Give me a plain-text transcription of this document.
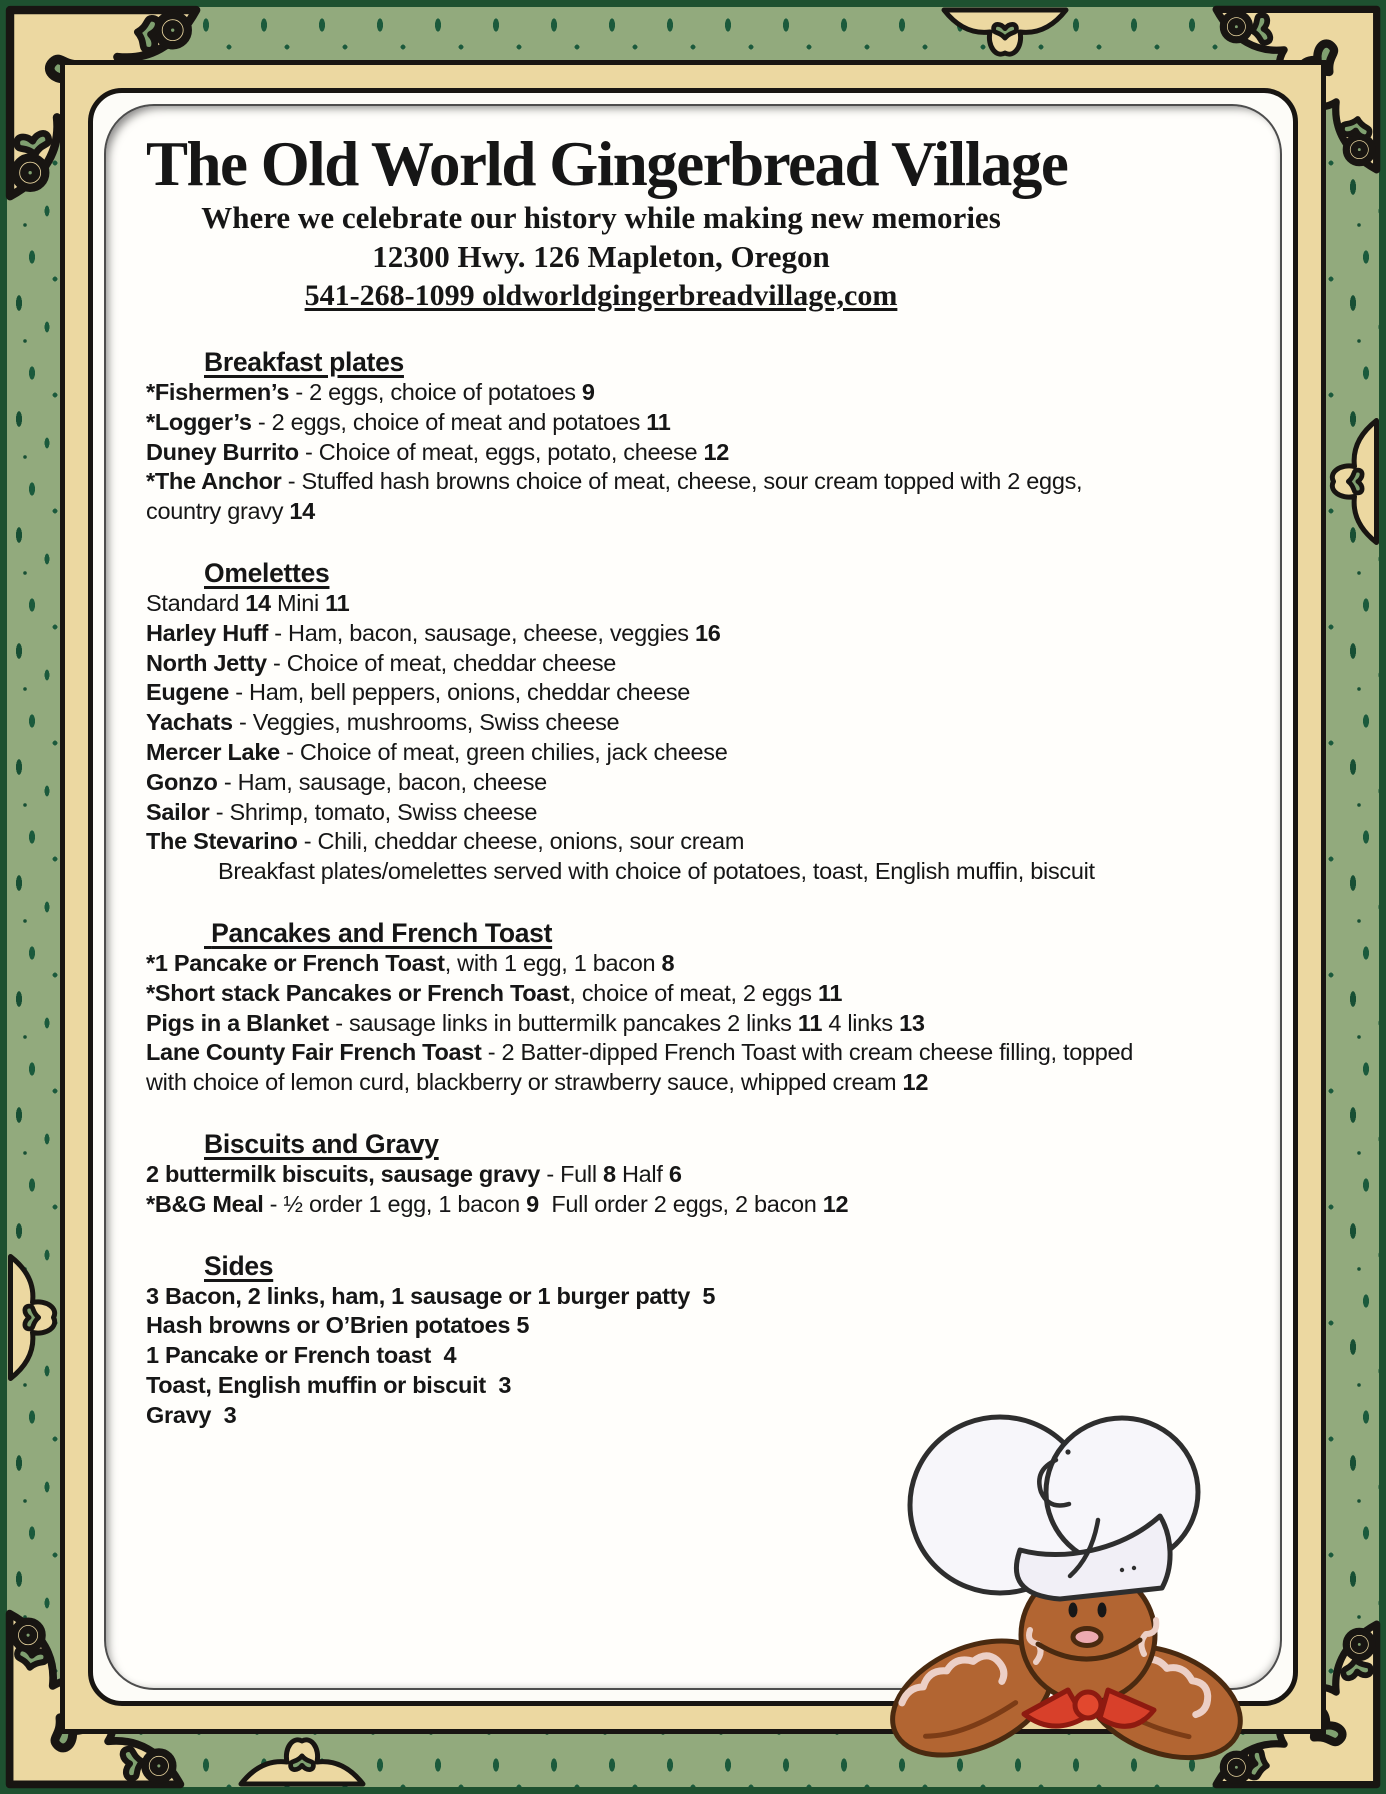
The Old World Gingerbread Village
Where we celebrate our history while making new memories
12300 Hwy. 126 Mapleton, Oregon
541-268-1099 oldworldgingerbreadvillage,com
Breakfast plates
*Fishermen’s - 2 eggs, choice of potatoes 9
*Logger’s - 2 eggs, choice of meat and potatoes 11
Duney Burrito - Choice of meat, eggs, potato, cheese 12
*The Anchor - Stuffed hash browns choice of meat, cheese, sour cream topped with 2 eggs,
country gravy 14
Omelettes
Standard 14 Mini 11
Harley Huff - Ham, bacon, sausage, cheese, veggies 16
North Jetty - Choice of meat, cheddar cheese
Eugene - Ham, bell peppers, onions, cheddar cheese
Yachats - Veggies, mushrooms, Swiss cheese
Mercer Lake - Choice of meat, green chilies, jack cheese
Gonzo - Ham, sausage, bacon, cheese
Sailor - Shrimp, tomato, Swiss cheese
The Stevarino - Chili, cheddar cheese, onions, sour cream
Breakfast plates/omelettes served with choice of potatoes, toast, English muffin, biscuit
Pancakes and French Toast
*1 Pancake or French Toast, with 1 egg, 1 bacon 8
*Short stack Pancakes or French Toast, choice of meat, 2 eggs 11
Pigs in a Blanket - sausage links in buttermilk pancakes 2 links 11 4 links 13
Lane County Fair French Toast - 2 Batter-dipped French Toast with cream cheese filling, topped
with choice of lemon curd, blackberry or strawberry sauce, whipped cream 12
Biscuits and Gravy
2 buttermilk biscuits, sausage gravy - Full 8 Half 6
*B&G Meal - ½ order 1 egg, 1 bacon 9  Full order 2 eggs, 2 bacon 12
Sides
3 Bacon, 2 links, ham, 1 sausage or 1 burger patty  5
Hash browns or O’Brien potatoes 5
1 Pancake or French toast  4
Toast, English muffin or biscuit  3
Gravy  3
